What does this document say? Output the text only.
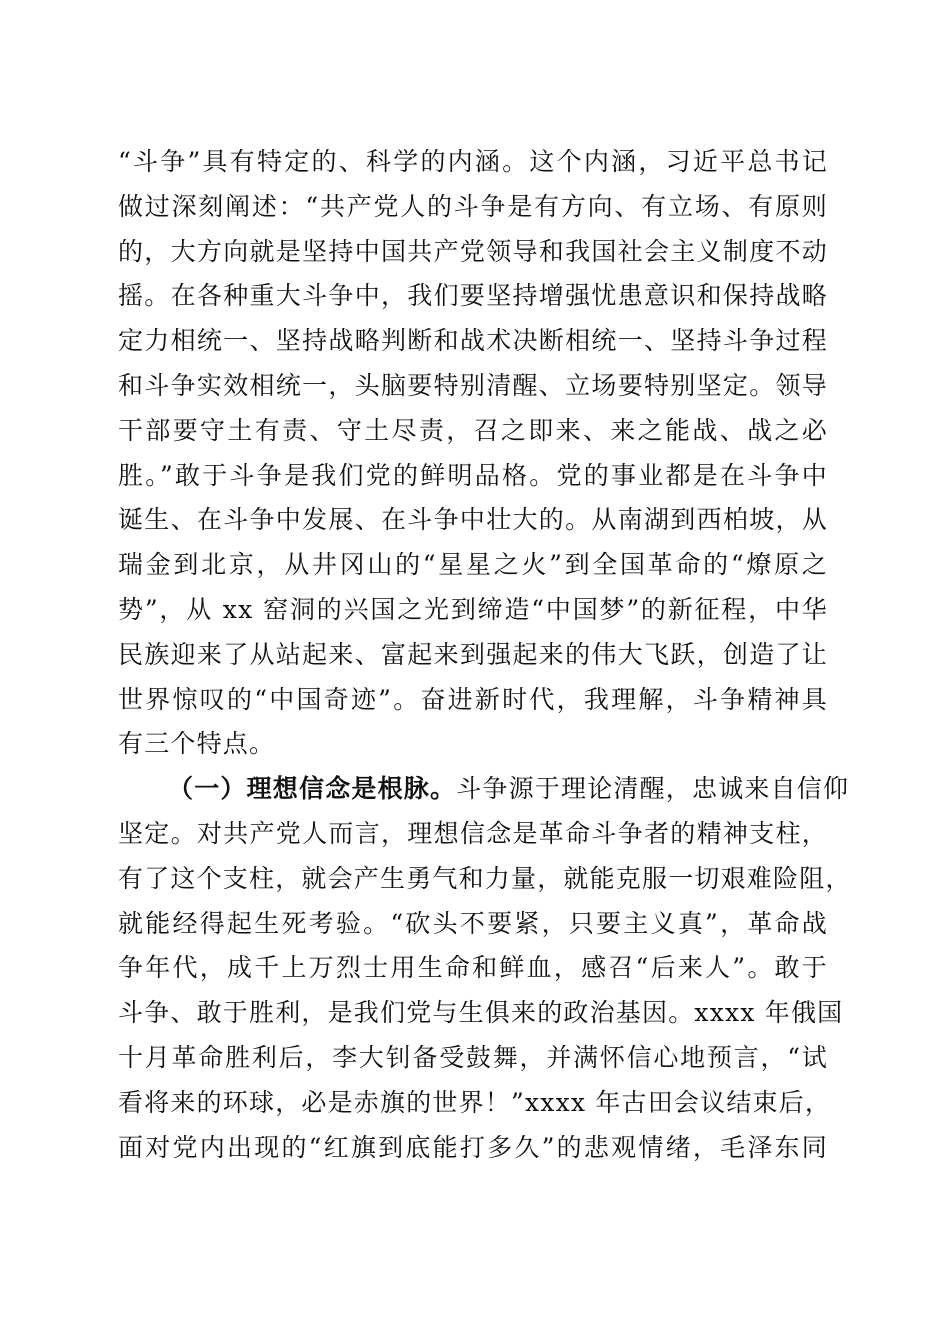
“斗争”具有特定的、科学的内涵。这个内涵，习近平总书记
做过深刻阐述：“共产党人的斗争是有方向、有立场、有原则
的，大方向就是坚持中国共产党领导和我国社会主义制度不动
摇。在各种重大斗争中，我们要坚持增强忧患意识和保持战略
定力相统一、坚持战略判断和战术决断相统一、坚持斗争过程
和斗争实效相统一，头脑要特别清醒、立场要特别坚定。领导
干部要守土有责、守土尽责，召之即来、来之能战、战之必
胜。”敢于斗争是我们党的鲜明品格。党的事业都是在斗争中
诞生、在斗争中发展、在斗争中壮大的。从南湖到西柏坡，从
瑞金到北京，从井冈山的“星星之火”到全国革命的“燎原之
势”，从 xx 窑洞的兴国之光到缔造“中国梦”的新征程，中华
民族迎来了从站起来、富起来到强起来的伟大飞跃，创造了让
世界惊叹的“中国奇迹”。奋进新时代，我理解，斗争精神具
有三个特点。
（一）理想信念是根脉。斗争源于理论清醒，忠诚来自信仰
坚定。对共产党人而言，理想信念是革命斗争者的精神支柱，
有了这个支柱，就会产生勇气和力量，就能克服一切艰难险阻，
就能经得起生死考验。“砍头不要紧，只要主义真”，革命战
争年代，成千上万烈士用生命和鲜血，感召“后来人”。敢于
斗争、敢于胜利，是我们党与生俱来的政治基因。xxxx 年俄国
十月革命胜利后，李大钊备受鼓舞，并满怀信心地预言，“试
看将来的环球，必是赤旗的世界！”xxxx 年古田会议结束后，
面对党内出现的“红旗到底能打多久”的悲观情绪，毛泽东同
